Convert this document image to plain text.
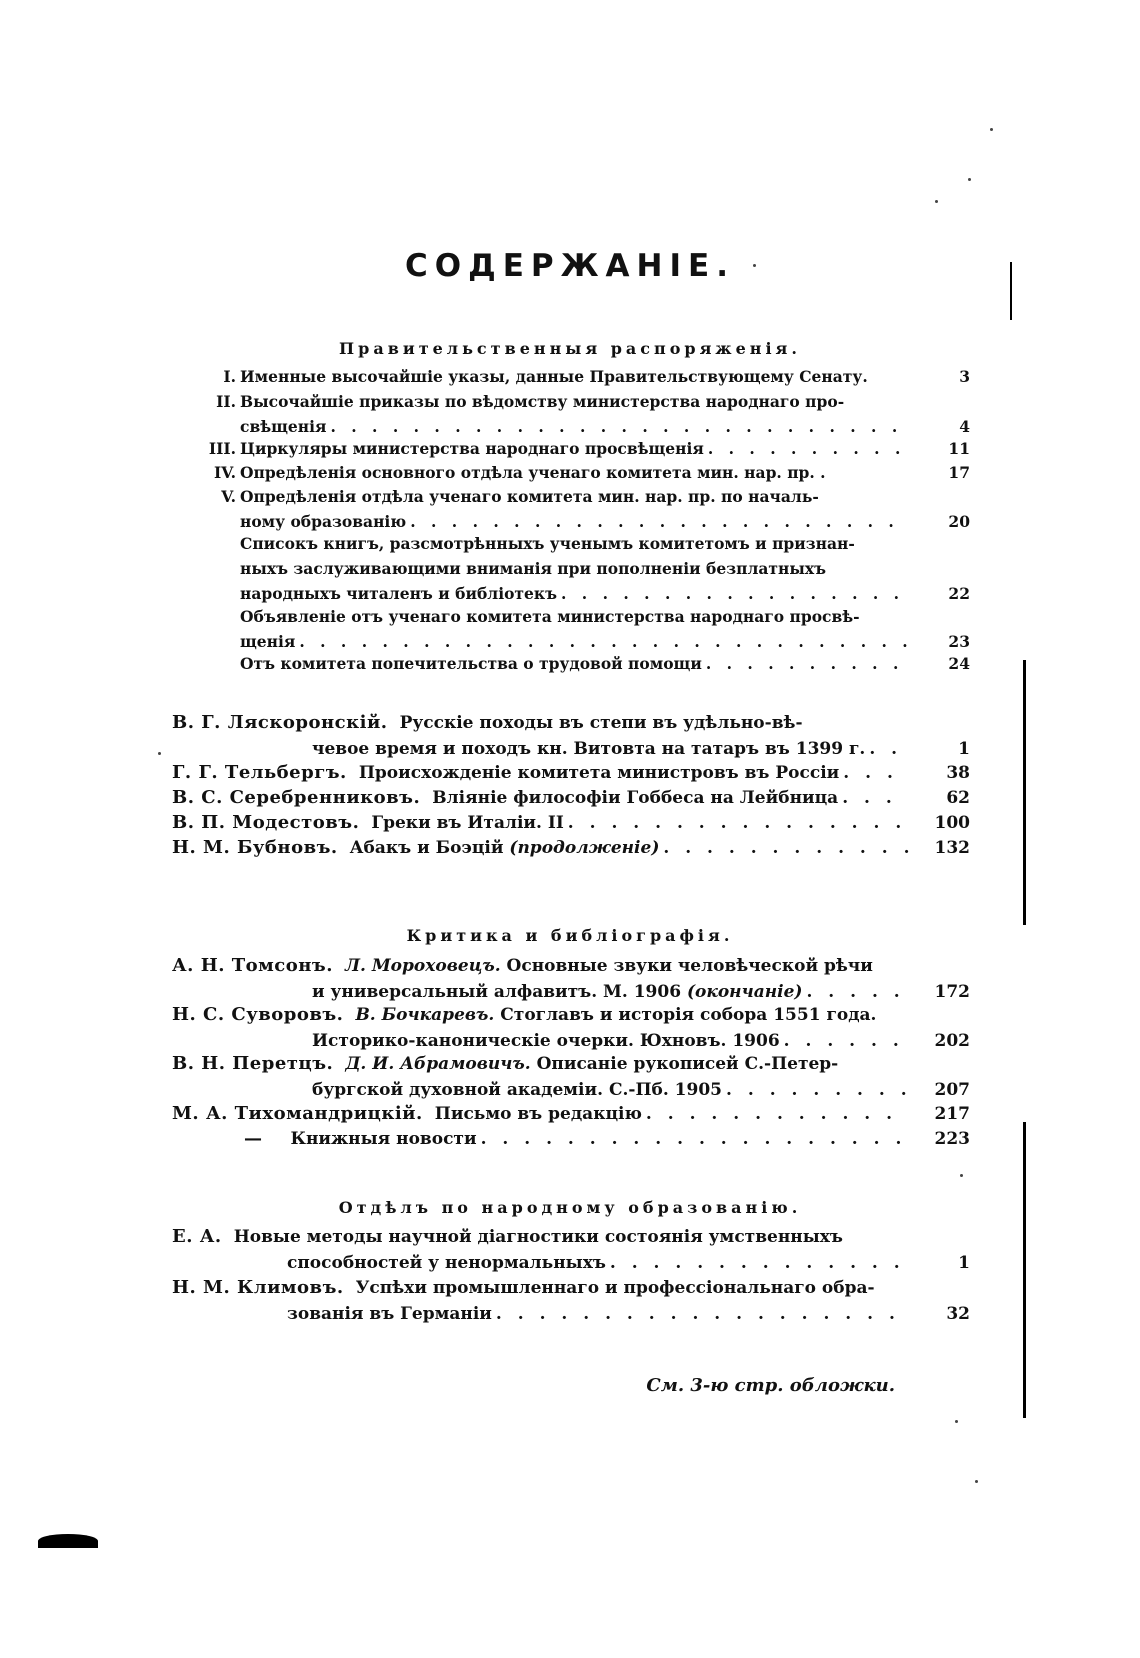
СОДЕРЖАНІЕ.
Правительственныя распоряженія.
I. Именные высочайшіе указы, данные Правительствующему Сенату.	3
II. Высочайшіе приказы по вѣдомству министерства народнаго про-
свѣщенія . . .	4
III. Циркуляры министерства народнаго просвѣщенія . . .	11
IV. Опредѣленія основного отдѣла ученаго комитета мин. нар. пр. .	17
V. Опредѣленія отдѣла ученаго комитета мин. нар. пр. по началь-
ному образованію . . .	20
Списокъ книгъ, разсмотрѣнныхъ ученымъ комитетомъ и признан-
ныхъ заслуживающими вниманія при пополненіи безплатныхъ
народныхъ читаленъ и библіотекъ . . .	22
Объявленіе отъ ученаго комитета министерства народнаго просвѣ-
щенія . . .	23
Отъ комитета попечительства о трудовой помощи . . .	24
В. Г. Ляскоронскій. Русскіе походы въ степи въ удѣльно-вѣ-
чевое время и походъ кн. Витовта на татаръ въ 1399 г. . . .	1
Г. Г. Тельбергъ. Происхожденіе комитета министровъ въ Россіи . . .	38
В. С. Серебренниковъ. Вліяніе философіи Гоббеса на Лейбница . . .	62
В. П. Модестовъ. Греки въ Италіи. II . . .	100
Н. М. Бубновъ. Абакъ и Боэцій
(продолженіе) . . .	132
Критика и библіографія.
А. Н. Томсонъ. Л. Мороховецъ.
Основные звуки человѣческой рѣчи
и универсальный алфавитъ. М. 1906
(окончаніе) . . .	172
Н. С. Суворовъ. В. Бочкаревъ.
Стоглавъ и исторія собора 1551 года.
Историко-каноническіе очерки. Юхновъ. 1906 . . .	202
В. Н. Перетцъ. Д. И. Абрамовичъ.
Описаніе рукописей С.-Петер-
бургской духовной академіи. С.-Пб. 1905 . . .	207
М. А. Тихомандрицкій. Письмо въ редакцію . . .	217
— Книжныя новости . . .	223
Отдѣлъ по народному образованію.
Е. А. Новые методы научной діагностики состоянія умственныхъ
способностей у ненормальныхъ . . .	1
Н. М. Климовъ. Успѣхи промышленнаго и профессіональнаго обра-
зованія въ Германіи . . .	32
См. 3-ю стр. обложки.
